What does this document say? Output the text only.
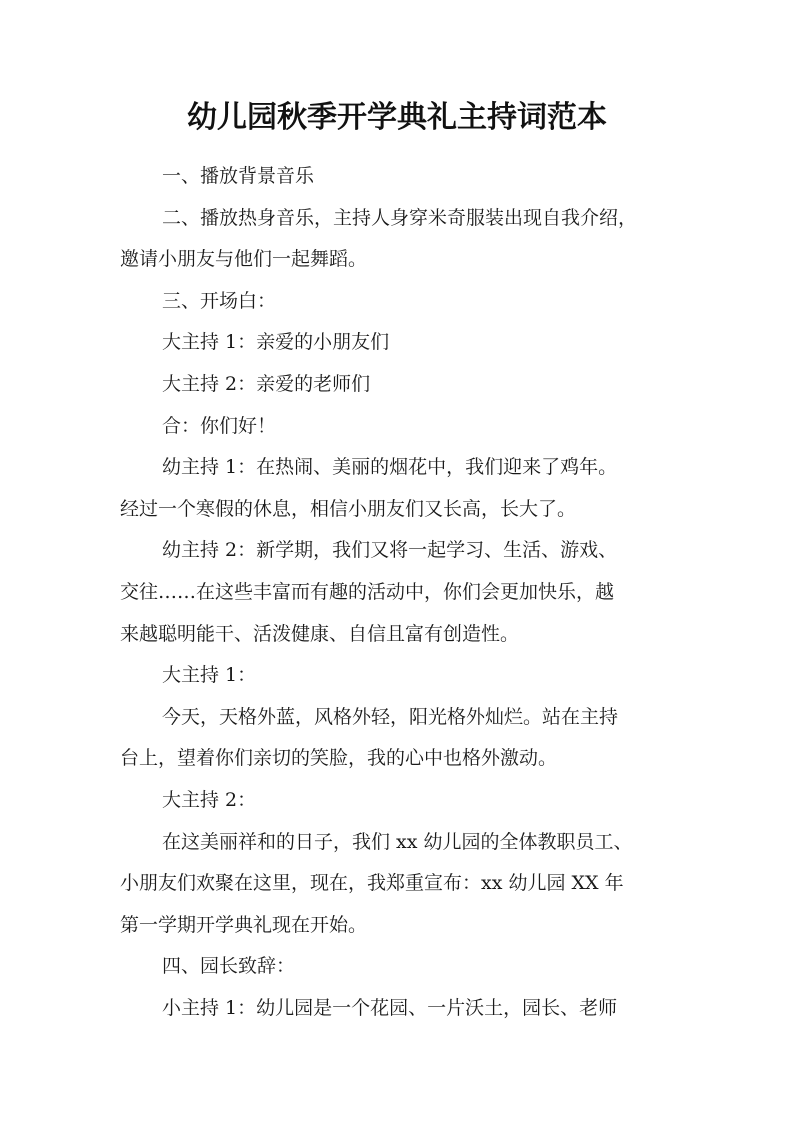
幼儿园秋季开学典礼主持词范本
一、播放背景音乐
二、播放热身音乐，主持人身穿米奇服装出现自我介绍，
邀请小朋友与他们一起舞蹈。
三、开场白：
大主持 1：亲爱的小朋友们
大主持 2：亲爱的老师们
合：你们好！
幼主持 1：在热闹、美丽的烟花中，我们迎来了鸡年。
经过一个寒假的休息，相信小朋友们又长高，长大了。
幼主持 2：新学期，我们又将一起学习、生活、游戏、
交往……在这些丰富而有趣的活动中，你们会更加快乐，越
来越聪明能干、活泼健康、自信且富有创造性。
大主持 1：
今天，天格外蓝，风格外轻，阳光格外灿烂。站在主持
台上，望着你们亲切的笑脸，我的心中也格外激动。
大主持 2：
在这美丽祥和的日子，我们 xx 幼儿园的全体教职员工、
小朋友们欢聚在这里，现在，我郑重宣布：xx 幼儿园 XX 年
第一学期开学典礼现在开始。
四、园长致辞：
小主持 1：幼儿园是一个花园、一片沃土，园长、老师
